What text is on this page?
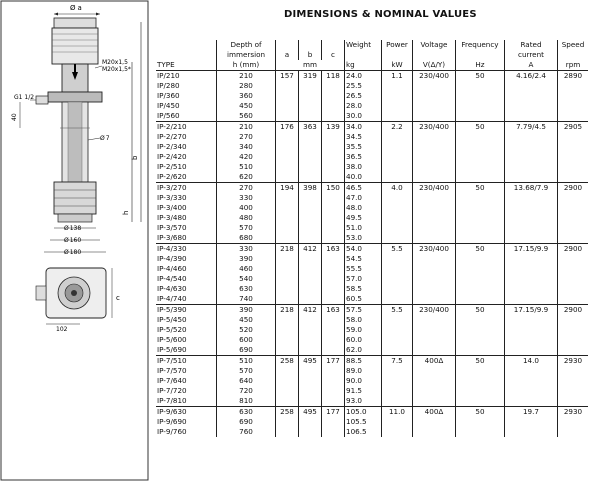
Ø a
b
h
M20x1,5
M20x1,5*
G1 1/2
40
Ø7
Ø138
Ø160
Ø180
c
102
DIMENSIONS & NOMINAL VALUES
	Depth of				Weight	Power	Voltage	Frequency	Rated	Speed
	immersion	a	b	c					current	
TYPE	h (mm)	mm			kg	kW	V(Δ/Y)	Hz	A	rpm
IP/210	210	157	319	118	24.0	1.1	230/400	50	4.16/2.4	2890
IP/280	280				25.5					
IP/360	360				26.5					
IP/450	450				28.0					
IP/560	560				30.0					
IP-2/210	210	176	363	139	34.0	2.2	230/400	50	7.79/4.5	2905
IP-2/270	270				34.5					
IP-2/340	340				35.5					
IP-2/420	420				36.5					
IP-2/510	510				38.0					
IP-2/620	620				40.0					
IP-3/270	270	194	398	150	46.5	4.0	230/400	50	13.68/7.9	2900
IP-3/330	330				47.0					
IP-3/400	400				48.0					
IP-3/480	480				49.5					
IP-3/570	570				51.0					
IP-3/680	680				53.0					
IP-4/330	330	218	412	163	54.0	5.5	230/400	50	17.15/9.9	2900
IP-4/390	390				54.5					
IP-4/460	460				55.5					
IP-4/540	540				57.0					
IP-4/630	630				58.5					
IP-4/740	740				60.5					
IP-5/390	390	218	412	163	57.5	5.5	230/400	50	17.15/9.9	2900
IP-5/450	450				58.0					
IP-5/520	520				59.0					
IP-5/600	600				60.0					
IP-5/690	690				62.0					
IP-7/510	510	258	495	177	88.5	7.5	400Δ	50	14.0	2930
IP-7/570	570				89.0					
IP-7/640	640				90.0					
IP-7/720	720				91.5					
IP-7/810	810				93.0					
IP-9/630	630	258	495	177	105.0	11.0	400Δ	50	19.7	2930
IP-9/690	690				105.5					
IP-9/760	760				106.5					
